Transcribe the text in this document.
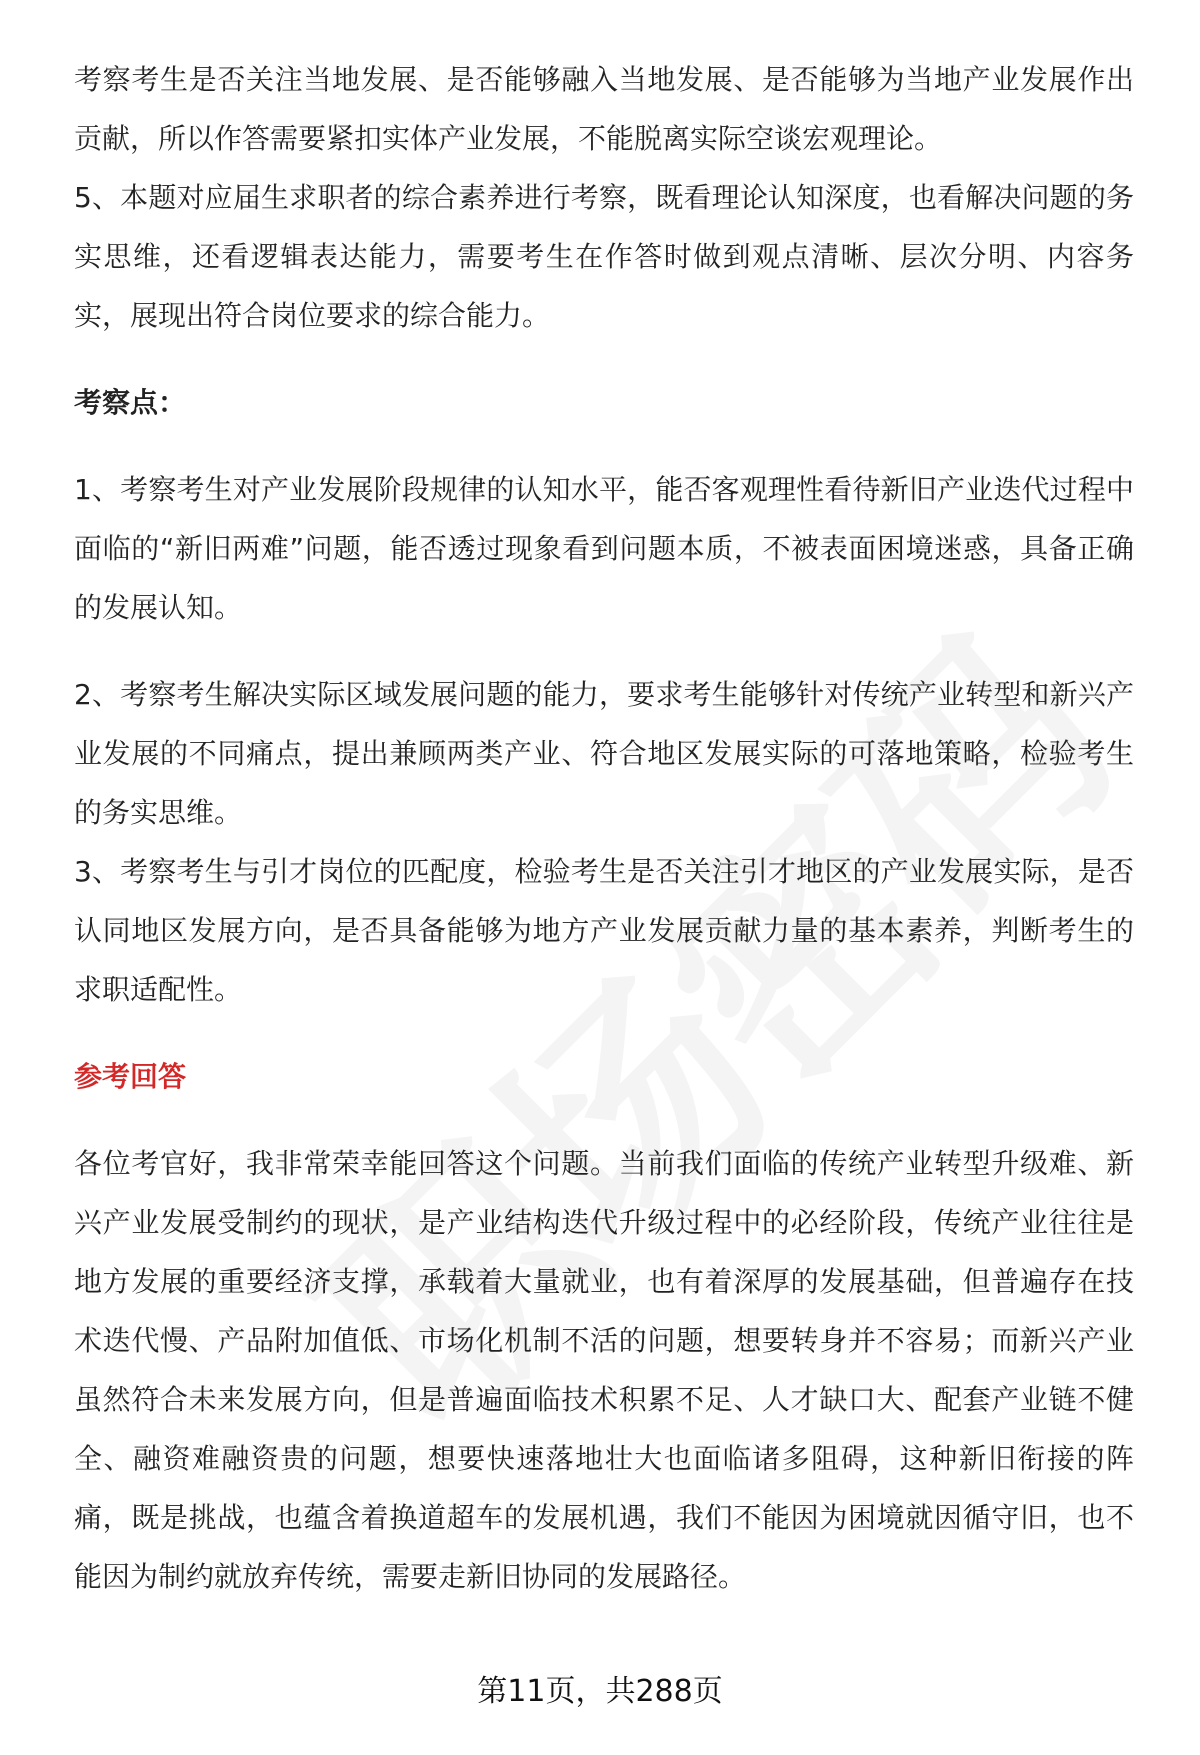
考察考生是否关注当地发展、是否能够融入当地发展、是否能够为当地产业发展作出贡献，所以作答需要紧扣实体产业发展，不能脱离实际空谈宏观理论。

5、本题对应届生求职者的综合素养进行考察，既看理论认知深度，也看解决问题的务实思维，还看逻辑表达能力，需要考生在作答时做到观点清晰、层次分明、内容务实，展现出符合岗位要求的综合能力。

考察点：

1、考察考生对产业发展阶段规律的认知水平，能否客观理性看待新旧产业迭代过程中面临的“新旧两难”问题，能否透过现象看到问题本质，不被表面困境迷惑，具备正确的发展认知。

2、考察考生解决实际区域发展问题的能力，要求考生能够针对传统产业转型和新兴产业发展的不同痛点，提出兼顾两类产业、符合地区发展实际的可落地策略，检验考生的务实思维。

3、考察考生与引才岗位的匹配度，检验考生是否关注引才地区的产业发展实际，是否认同地区发展方向，是否具备能够为地方产业发展贡献力量的基本素养，判断考生的求职适配性。

参考回答

各位考官好，我非常荣幸能回答这个问题。当前我们面临的传统产业转型升级难、新兴产业发展受制约的现状，是产业结构迭代升级过程中的必经阶段，传统产业往往是地方发展的重要经济支撑，承载着大量就业，也有着深厚的发展基础，但普遍存在技术迭代慢、产品附加值低、市场化机制不活的问题，想要转身并不容易；而新兴产业虽然符合未来发展方向，但是普遍面临技术积累不足、人才缺口大、配套产业链不健全、融资难融资贵的问题，想要快速落地壮大也面临诸多阻碍，这种新旧衔接的阵痛，既是挑战，也蕴含着换道超车的发展机遇，我们不能因为困境就因循守旧，也不能因为制约就放弃传统，需要走新旧协同的发展路径。

第11页，共288页
